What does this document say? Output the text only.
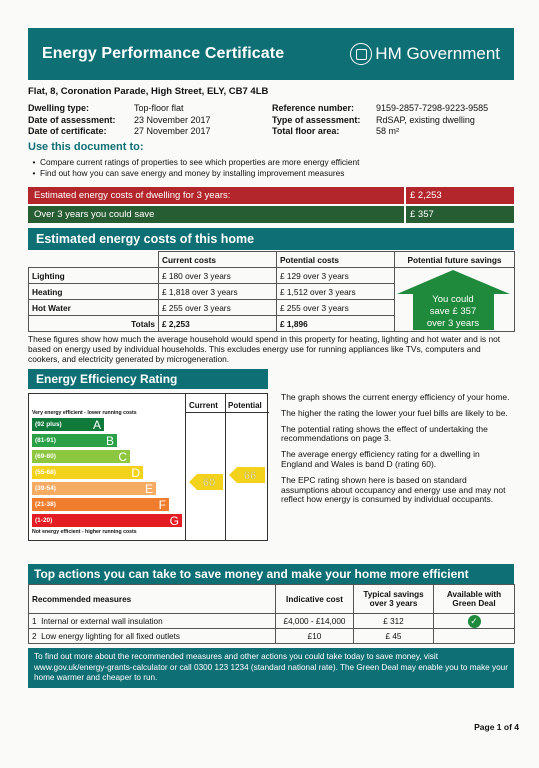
Energy Performance Certificate	HM Government
Flat, 8, Coronation Parade, High Street, ELY, CB7 4LB
Dwelling type:	Top-floor flat
Date of assessment:	23 November 2017
Date of certificate:	27 November 2017
Reference number:	9159-2857-7298-9223-9585
Type of assessment:	RdSAP, existing dwelling
Total floor area:	58 m²
Use this document to:
• Compare current ratings of properties to see which properties are more energy efficient
• Find out how you can save energy and money by installing improvement measures
Estimated energy costs of dwelling for 3 years:	£ 2,253
Over 3 years you could save	£ 357
Estimated energy costs of this home
	Current costs	Potential costs	Potential future savings
Lighting	£ 180 over 3 years	£ 129 over 3 years	
Heating	£ 1,818 over 3 years	£ 1,512 over 3 years	
Hot Water	£ 255 over 3 years	£ 255 over 3 years	
Totals	£ 2,253	£ 1,896	
You could
save £ 357
over 3 years
These figures show how much the average household would spend in this property for heating, lighting and hot water and is not based on energy used by individual households. This excludes energy use for running appliances like TVs, computers and cookers, and electricity generated by microgeneration.
Energy Efficiency Rating
Current Potential
Very energy efficient - lower running costs
(92 plus)	A
(81-91)	B
(69-80)	C
(55-68)	D
(39-54)	E
(21-38)	F
(1-20)	G
Not energy efficient - higher running costs
60
66

The graph shows the current energy efficiency of your home.

The higher the rating the lower your fuel bills are likely to be.

The potential rating shows the effect of undertaking the recommendations on page 3.

The average energy efficiency rating for a dwelling in England and Wales is band D (rating 60).

The EPC rating shown here is based on standard assumptions about occupancy and energy use and may not reflect how energy is consumed by individual occupants.

Top actions you can take to save money and make your home more efficient
Recommended measures	Indicative cost	Typical savings over 3 years	Available with Green Deal
1 Internal or external wall insulation	£4,000 - £14,000	£ 312	✓
2 Low energy lighting for all fixed outlets	£10	£ 45	
To find out more about the recommended measures and other actions you could take today to save money, visit www.gov.uk/energy-grants-calculator or call 0300 123 1234 (standard national rate). The Green Deal may enable you to make your home warmer and cheaper to run.
Page 1 of 4
